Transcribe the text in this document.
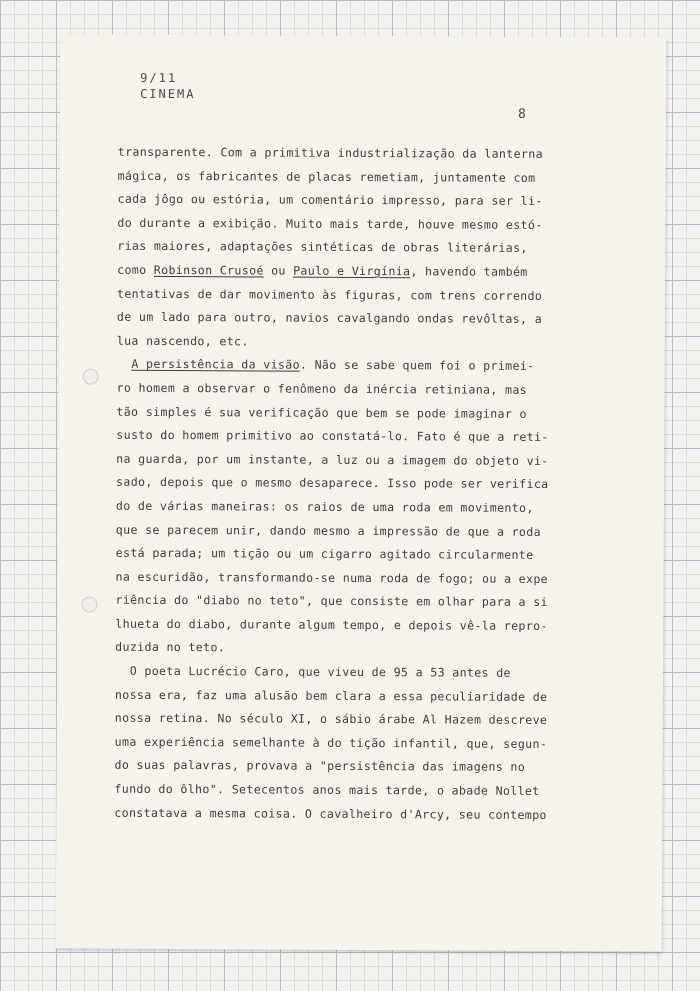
9/11
CINEMA
8
transparente. Com a primitiva industrialização da lanterna
mágica, os fabricantes de placas remetiam, juntamente com
cada jôgo ou estória, um comentário impresso, para ser li-
do durante a exibição. Muito mais tarde, houve mesmo estó-
rias maiores, adaptações sintéticas de obras literárias,
como Robinson Crusoé ou Paulo e Virgínia, havendo também
tentativas de dar movimento às figuras, com trens correndo
de um lado para outro, navios cavalgando ondas revôltas, a
lua nascendo, etc.
A persistência da visão. Não se sabe quem foi o primei-
ro homem a observar o fenômeno da inércia retiniana, mas
tão simples é sua verificação que bem se pode imaginar o
susto do homem primitivo ao constatá-lo. Fato é que a reti-
na guarda, por um instante, a luz ou a imagem do objeto vi-
sado, depois que o mesmo desaparece. Isso pode ser verifica
do de várias maneiras: os raios de uma roda em movimento,
que se parecem unir, dando mesmo a impressão de que a roda
está parada; um tição ou um cigarro agitado circularmente
na escuridão, transformando-se numa roda de fogo; ou a expe
riência do "diabo no teto", que consiste em olhar para a si
lhueta do diabo, durante algum tempo, e depois vê-la repro-
duzida no teto.
O poeta Lucrécio Caro, que viveu de 95 a 53 antes de
nossa era, faz uma alusão bem clara a essa peculiaridade de
nossa retina. No século XI, o sábio árabe Al Hazem descreve
uma experiência semelhante à do tição infantil, que, segun-
do suas palavras, provava a "persistência das imagens no
fundo do ôlho". Setecentos anos mais tarde, o abade Nollet
constatava a mesma coisa. O cavalheiro d'Arcy, seu contempo
